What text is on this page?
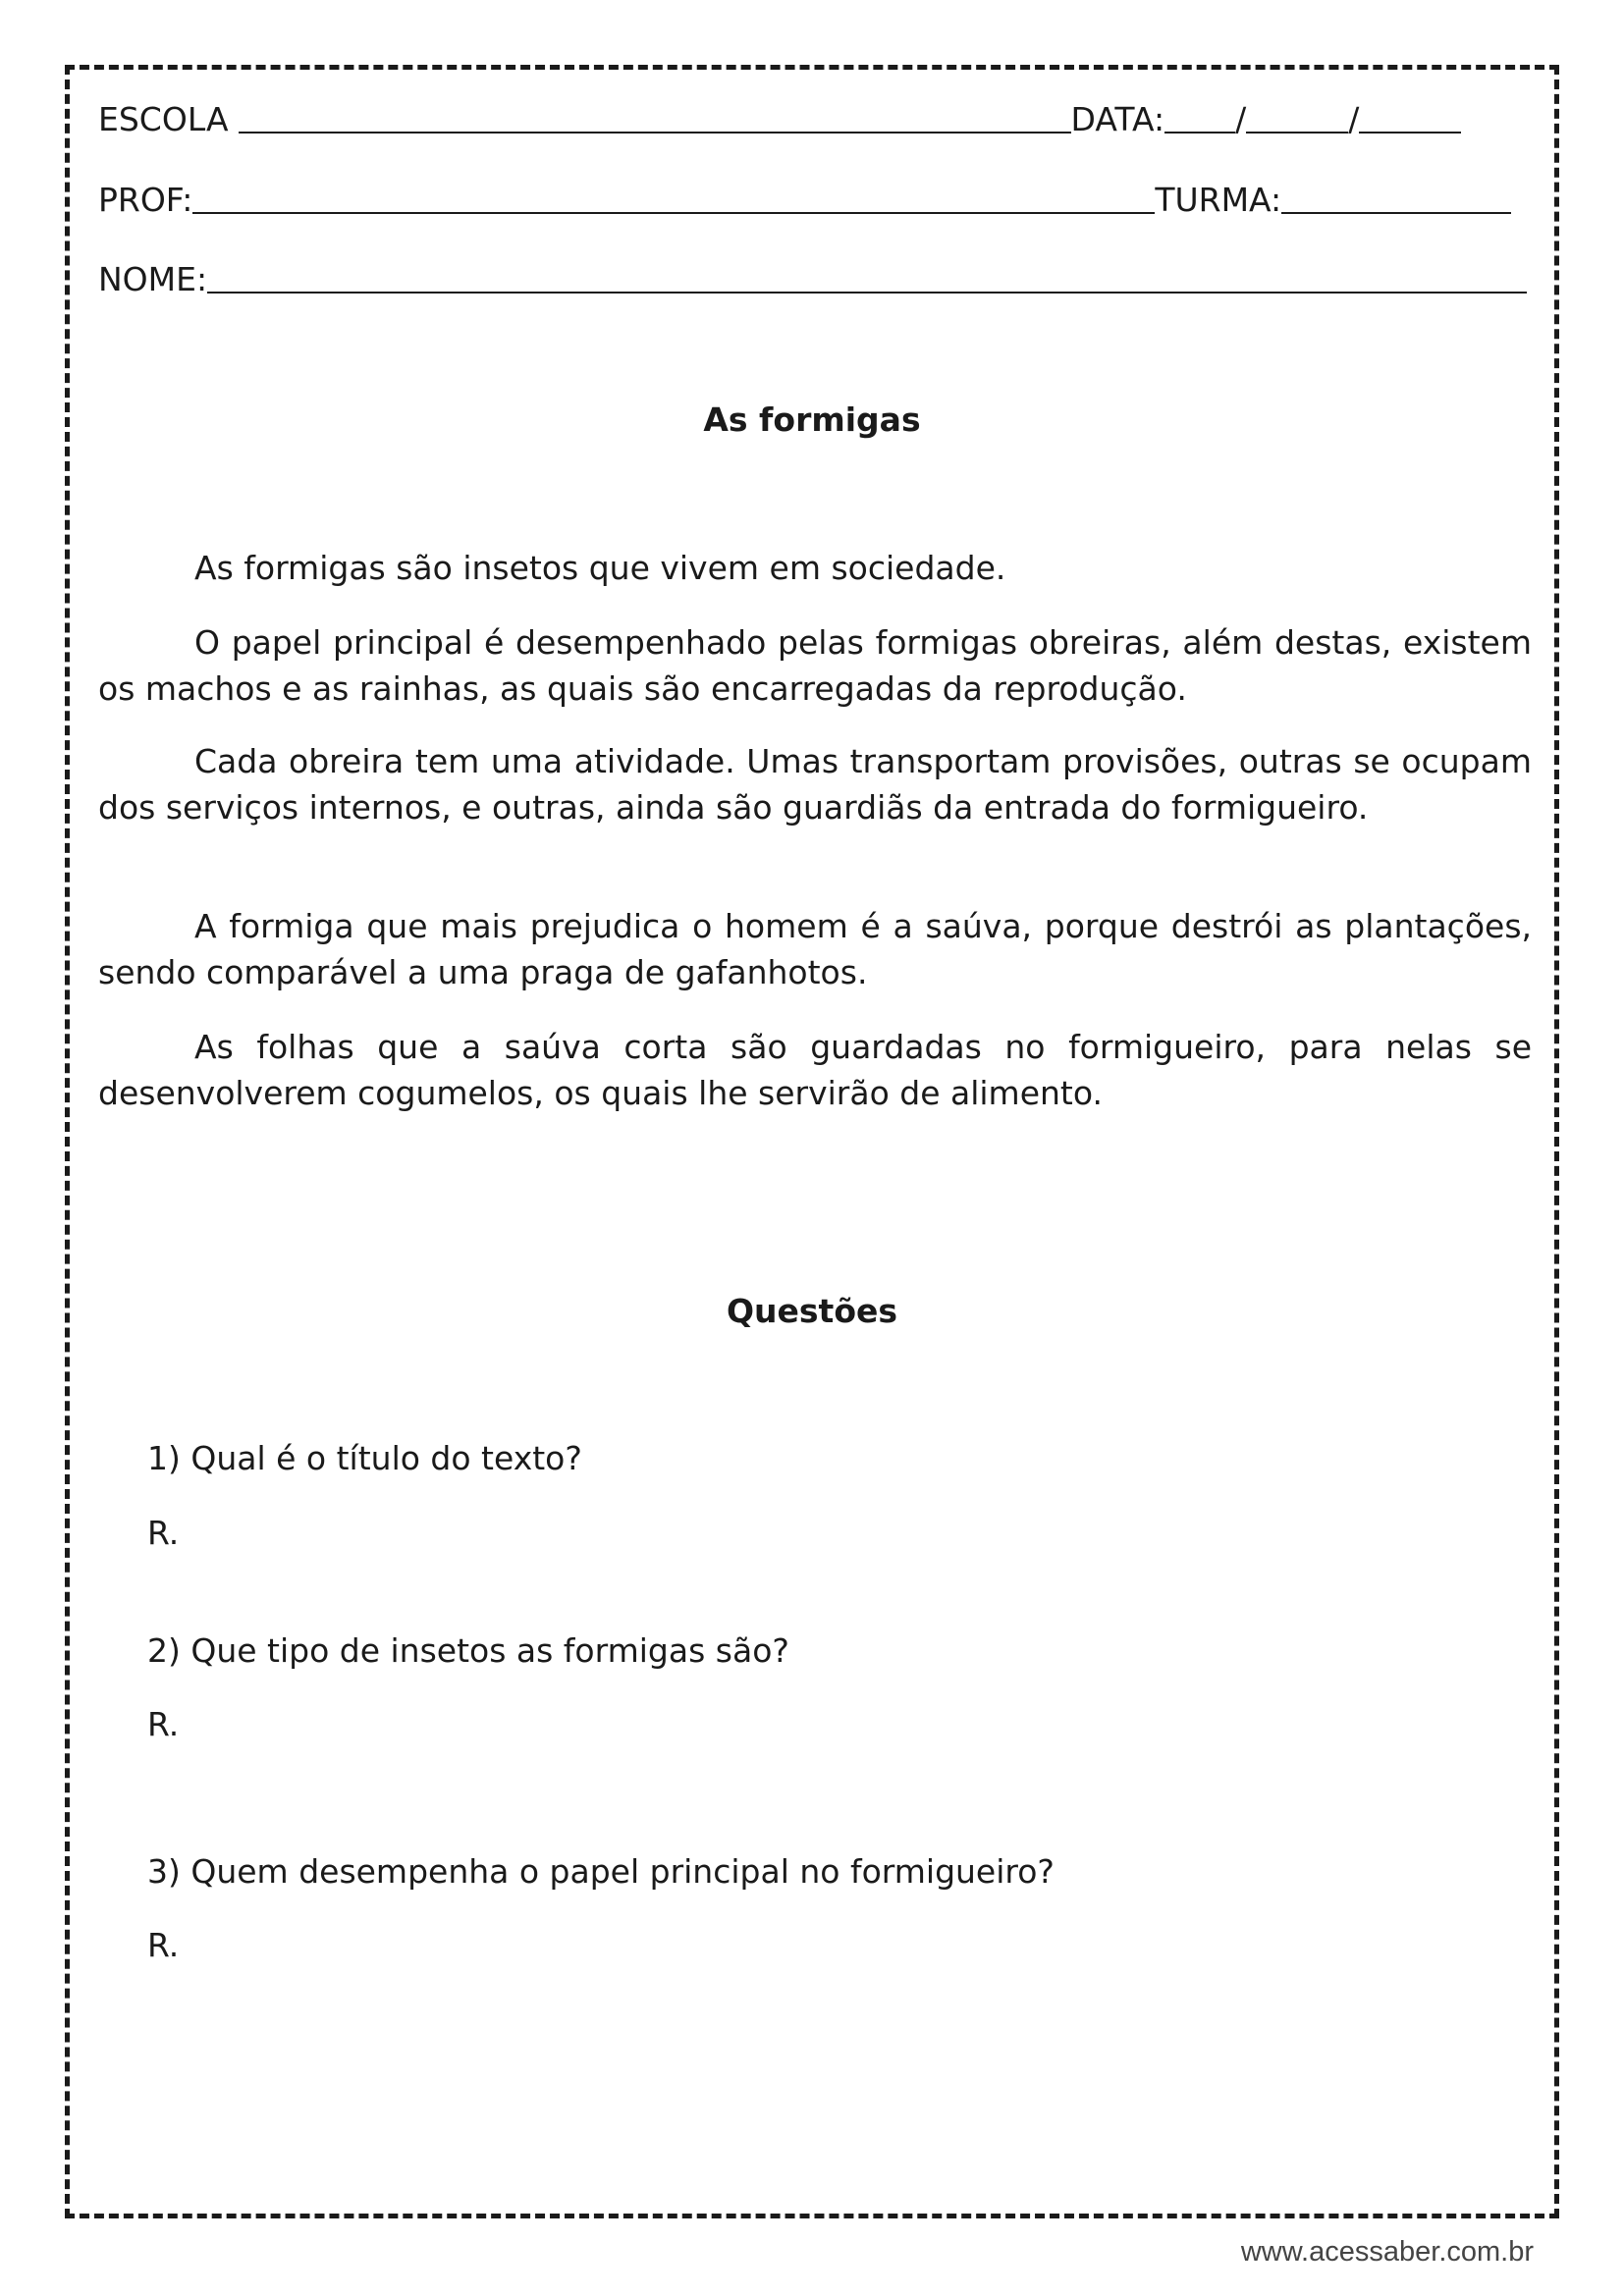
ESCOLA	DATA: /	/
PROF:	TURMA:
NOME:
As formigas

As formigas são insetos que vivem em sociedade.

O papel principal é desempenhado pelas formigas obreiras, além destas, existem os machos e as rainhas, as quais são encarregadas da reprodução.

Cada obreira tem uma atividade. Umas transportam provisões, outras se ocupam dos serviços internos, e outras, ainda são guardiãs da entrada do formigueiro.

A formiga que mais prejudica o homem é a saúva, porque destrói as plantações, sendo comparável a uma praga de gafanhotos.

As folhas que a saúva corta são guardadas no formigueiro, para nelas se desenvolverem cogumelos, os quais lhe servirão de alimento.

Questões
1) Qual é o título do texto?
R.
2) Que tipo de insetos as formigas são?
R.
3) Quem desempenha o papel principal no formigueiro?
R.
www.acessaber.com.br
